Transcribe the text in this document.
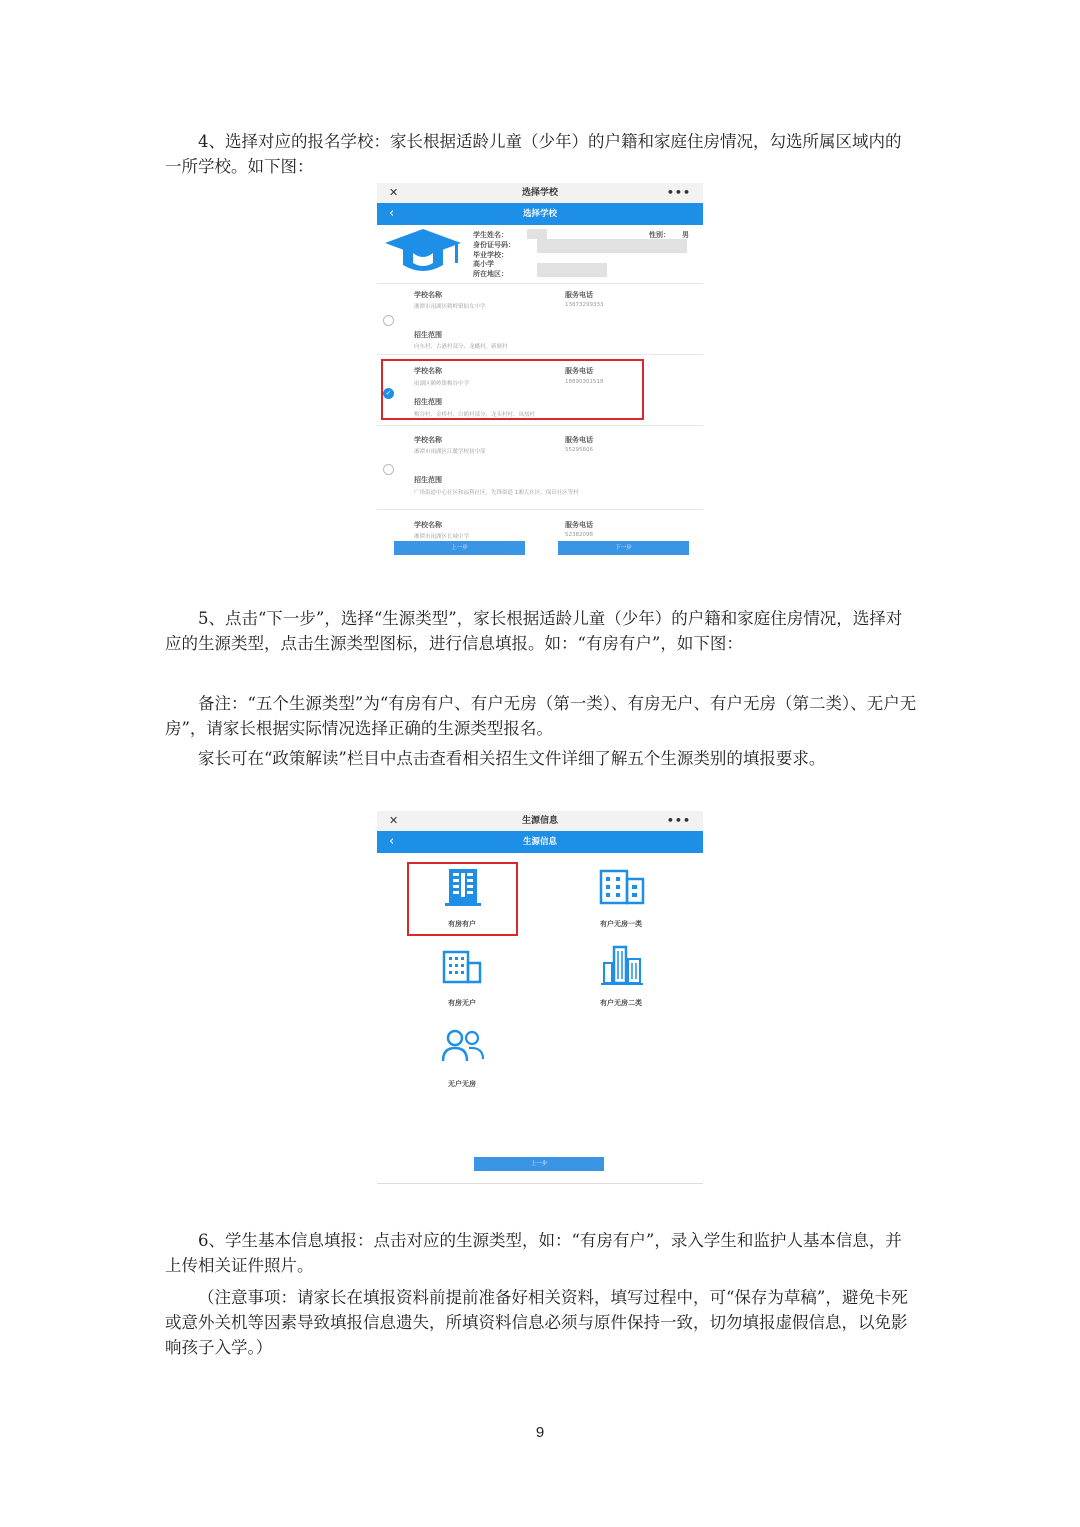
4、选择对应的报名学校：家长根据适龄儿童（少年）的户籍和家庭住房情况，勾选所属区域内的一所学校。如下图：

✕	选择学校	•••
‹	选择学校
学生姓名：	性别： 男
身份证号码：
毕业学校：
高小学
所在地区：
学校名称
湘潭市雨湖区鹤岭镇仙女中学
服务电话
13873299333
招生范围
向东村、古港村部分、龙蟠村、新塘村
✓
学校名称
雨湖区鹤岭镇梅谷中学
服务电话
18890301518
招生范围
梅谷村、金桥村、白鹤村部分、龙头村村、凤凰村
学校名称
湘潭市雨湖区江麓学校初中部
服务电话
55295606
招生范围
广场街道中心社区和福利社区、先锋街道 1湘大社区、保田社区等村
学校名称
湘潭市雨湖区长城中学
服务电话
52382098
上一步	下一步

5、点击“下一步”，选择“生源类型”，家长根据适龄儿童（少年）的户籍和家庭住房情况，选择对应的生源类型，点击生源类型图标，进行信息填报。如：“有房有户”，如下图：

备注：“五个生源类型”为“有房有户、有户无房（第一类）、有房无户、有户无房（第二类）、无户无房”，请家长根据实际情况选择正确的生源类型报名。

家长可在“政策解读”栏目中点击查看相关招生文件详细了解五个生源类别的填报要求。

✕	生源信息	•••
‹	生源信息
有房有户	有户无房一类
有房无户	有户无房二类
无户无房
上一步

6、学生基本信息填报：点击对应的生源类型，如：“有房有户”，录入学生和监护人基本信息，并上传相关证件照片。

（注意事项：请家长在填报资料前提前准备好相关资料，填写过程中，可“保存为草稿”，避免卡死或意外关机等因素导致填报信息遗失，所填资料信息必须与原件保持一致，切勿填报虚假信息，以免影响孩子入学。）

9
